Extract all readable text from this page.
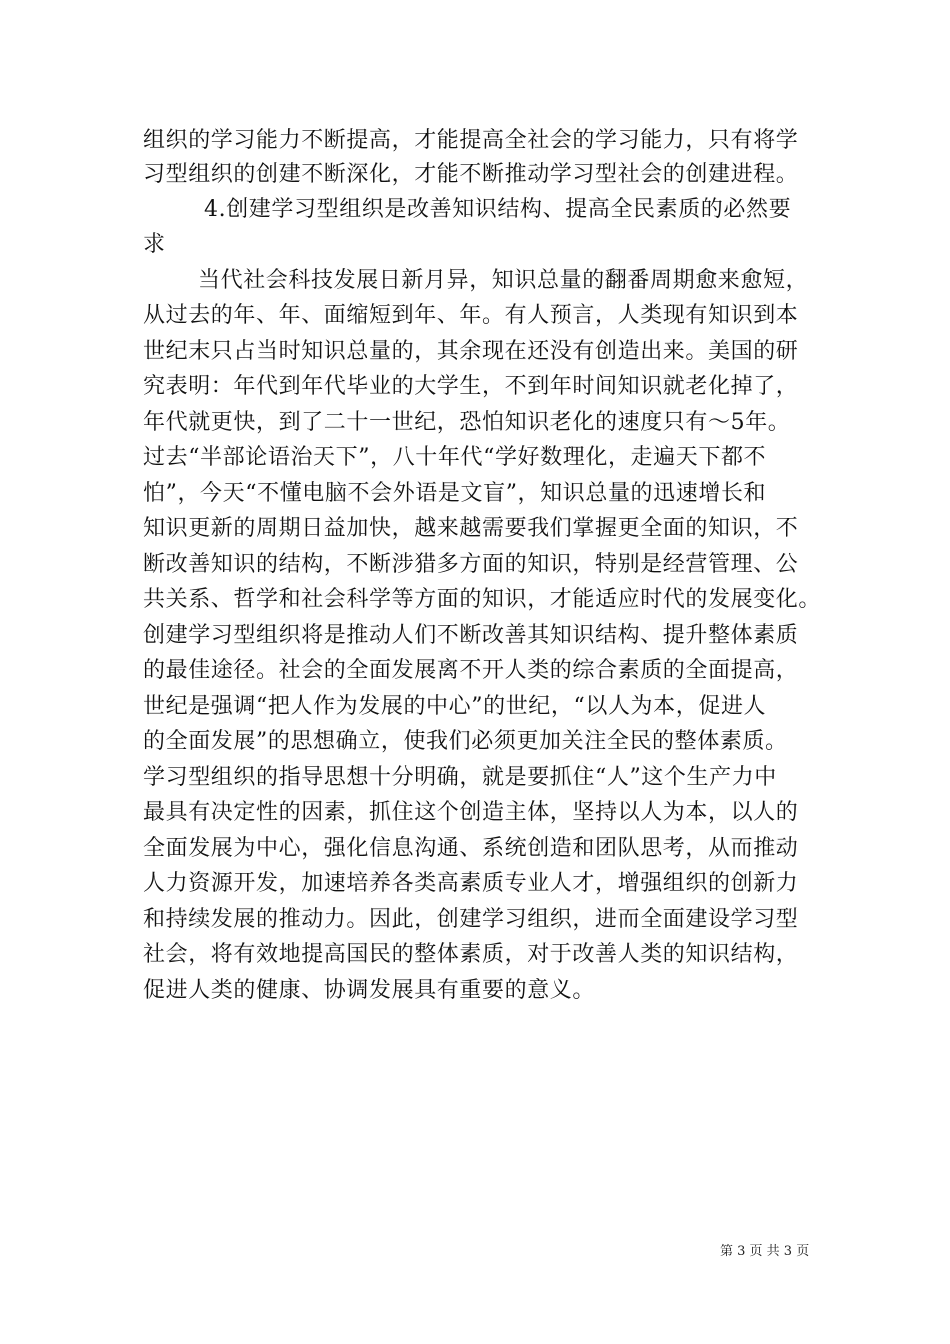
组织的学习能力不断提高，才能提高全社会的学习能力，只有将学
习型组织的创建不断深化，才能不断推动学习型社会的创建进程。
4.创建学习型组织是改善知识结构、提高全民素质的必然要
求
当代社会科技发展日新月异，知识总量的翻番周期愈来愈短，
从过去的年、年、面缩短到年、年。有人预言，人类现有知识到本
世纪末只占当时知识总量的，其余现在还没有创造出来。美国的研
究表明：年代到年代毕业的大学生，不到年时间知识就老化掉了，
年代就更快，到了二十一世纪，恐怕知识老化的速度只有～5年。
过去“半部论语治天下”，八十年代“学好数理化，走遍天下都不
怕”，今天“不懂电脑不会外语是文盲”，知识总量的迅速增长和
知识更新的周期日益加快，越来越需要我们掌握更全面的知识，不
断改善知识的结构，不断涉猎多方面的知识，特别是经营管理、公
共关系、哲学和社会科学等方面的知识，才能适应时代的发展变化。
创建学习型组织将是推动人们不断改善其知识结构、提升整体素质
的最佳途径。社会的全面发展离不开人类的综合素质的全面提高，
世纪是强调“把人作为发展的中心”的世纪，“以人为本，促进人
的全面发展”的思想确立，使我们必须更加关注全民的整体素质。
学习型组织的指导思想十分明确，就是要抓住“人”这个生产力中
最具有决定性的因素，抓住这个创造主体，坚持以人为本，以人的
全面发展为中心，强化信息沟通、系统创造和团队思考，从而推动
人力资源开发，加速培养各类高素质专业人才，增强组织的创新力
和持续发展的推动力。因此，创建学习组织，进而全面建设学习型
社会，将有效地提高国民的整体素质，对于改善人类的知识结构，
促进人类的健康、协调发展具有重要的意义。
第 3 页 共 3 页
